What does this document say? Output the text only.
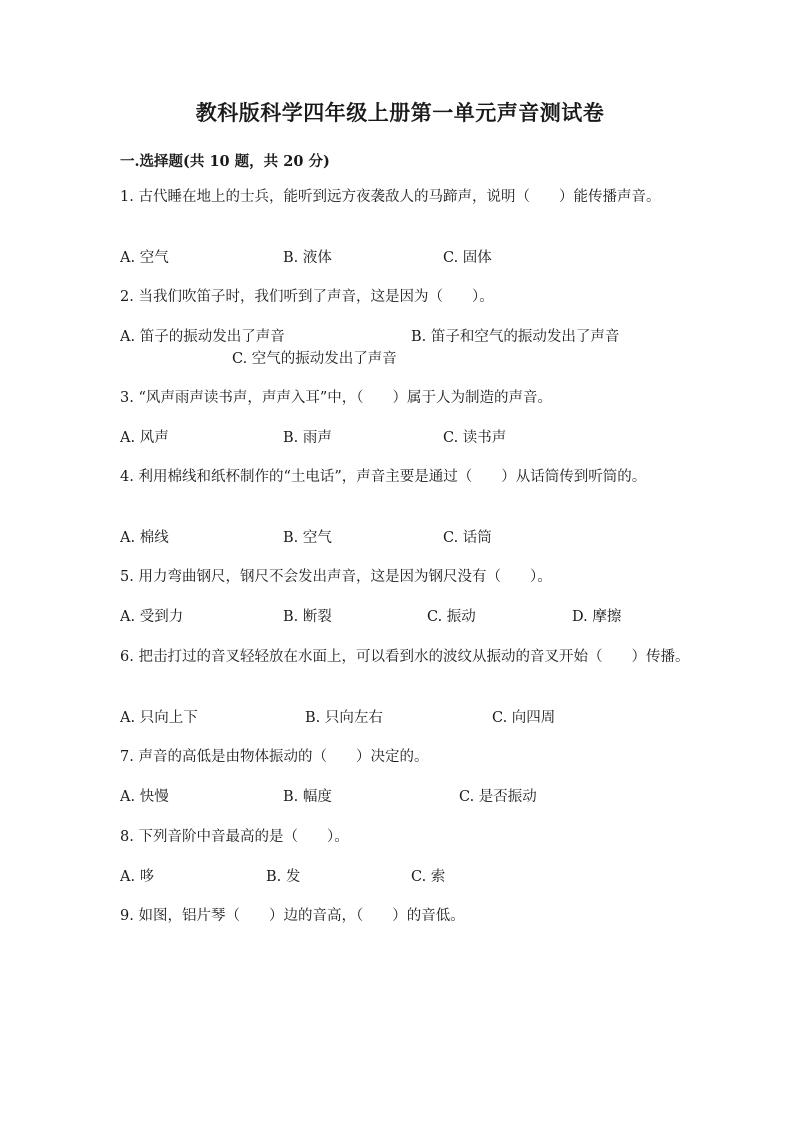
教科版科学四年级上册第一单元声音测试卷
一.选择题(共 10 题，共 20 分)
1. 古代睡在地上的士兵，能听到远方夜袭敌人的马蹄声，说明（　　）能传播声音。
A. 空气	B. 液体	C. 固体
2. 当我们吹笛子时，我们听到了声音，这是因为（　　）。
A. 笛子的振动发出了声音	B. 笛子和空气的振动发出了声音
C. 空气的振动发出了声音
3. “风声雨声读书声，声声入耳”中，（　　）属于人为制造的声音。
A. 风声	B. 雨声	C. 读书声
4. 利用棉线和纸杯制作的“土电话”，声音主要是通过（　　）从话筒传到听筒的。
A. 棉线	B. 空气	C. 话筒
5. 用力弯曲钢尺，钢尺不会发出声音，这是因为钢尺没有（　　）。
A. 受到力	B. 断裂	C. 振动	D. 摩擦
6. 把击打过的音叉轻轻放在水面上，可以看到水的波纹从振动的音叉开始（　　）传播。
A. 只向上下	B. 只向左右	C. 向四周
7. 声音的高低是由物体振动的（　　）决定的。
A. 快慢	B. 幅度	C. 是否振动
8. 下列音阶中音最高的是（　　）。
A. 哆	B. 发	C. 索
9. 如图，铝片琴（　　）边的音高，（　　）的音低。
